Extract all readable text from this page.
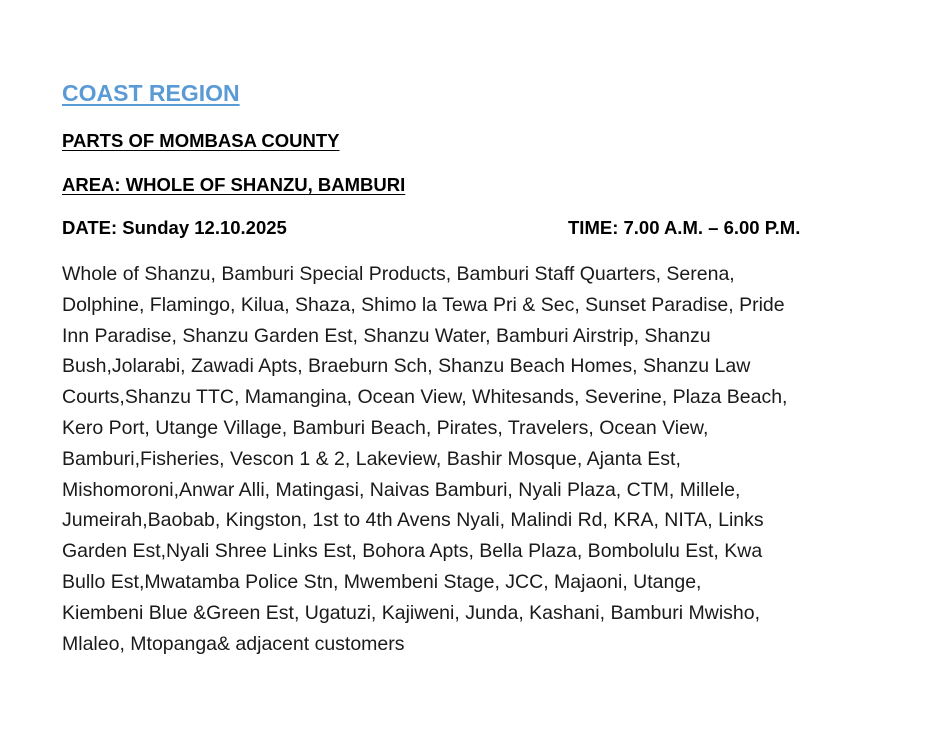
COAST REGION
PARTS OF MOMBASA COUNTY
AREA: WHOLE OF SHANZU, BAMBURI
DATE: Sunday 12.10.2025	TIME: 7.00 A.M. – 6.00 P.M.
Whole of Shanzu, Bamburi Special Products, Bamburi Staff Quarters, Serena,
Dolphine, Flamingo, Kilua, Shaza, Shimo la Tewa Pri & Sec, Sunset Paradise, Pride
Inn Paradise, Shanzu Garden Est, Shanzu Water, Bamburi Airstrip, Shanzu
Bush,Jolarabi, Zawadi Apts, Braeburn Sch, Shanzu Beach Homes, Shanzu Law
Courts,Shanzu TTC, Mamangina, Ocean View, Whitesands, Severine, Plaza Beach,
Kero Port, Utange Village, Bamburi Beach, Pirates, Travelers, Ocean View,
Bamburi,Fisheries, Vescon 1 & 2, Lakeview, Bashir Mosque, Ajanta Est,
Mishomoroni,Anwar Alli, Matingasi, Naivas Bamburi, Nyali Plaza, CTM, Millele,
Jumeirah,Baobab, Kingston, 1st to 4th Avens Nyali, Malindi Rd, KRA, NITA, Links
Garden Est,Nyali Shree Links Est, Bohora Apts, Bella Plaza, Bombolulu Est, Kwa
Bullo Est,Mwatamba Police Stn, Mwembeni Stage, JCC, Majaoni, Utange,
Kiembeni Blue &Green Est, Ugatuzi, Kajiweni, Junda, Kashani, Bamburi Mwisho,
Mlaleo, Mtopanga& adjacent customers
